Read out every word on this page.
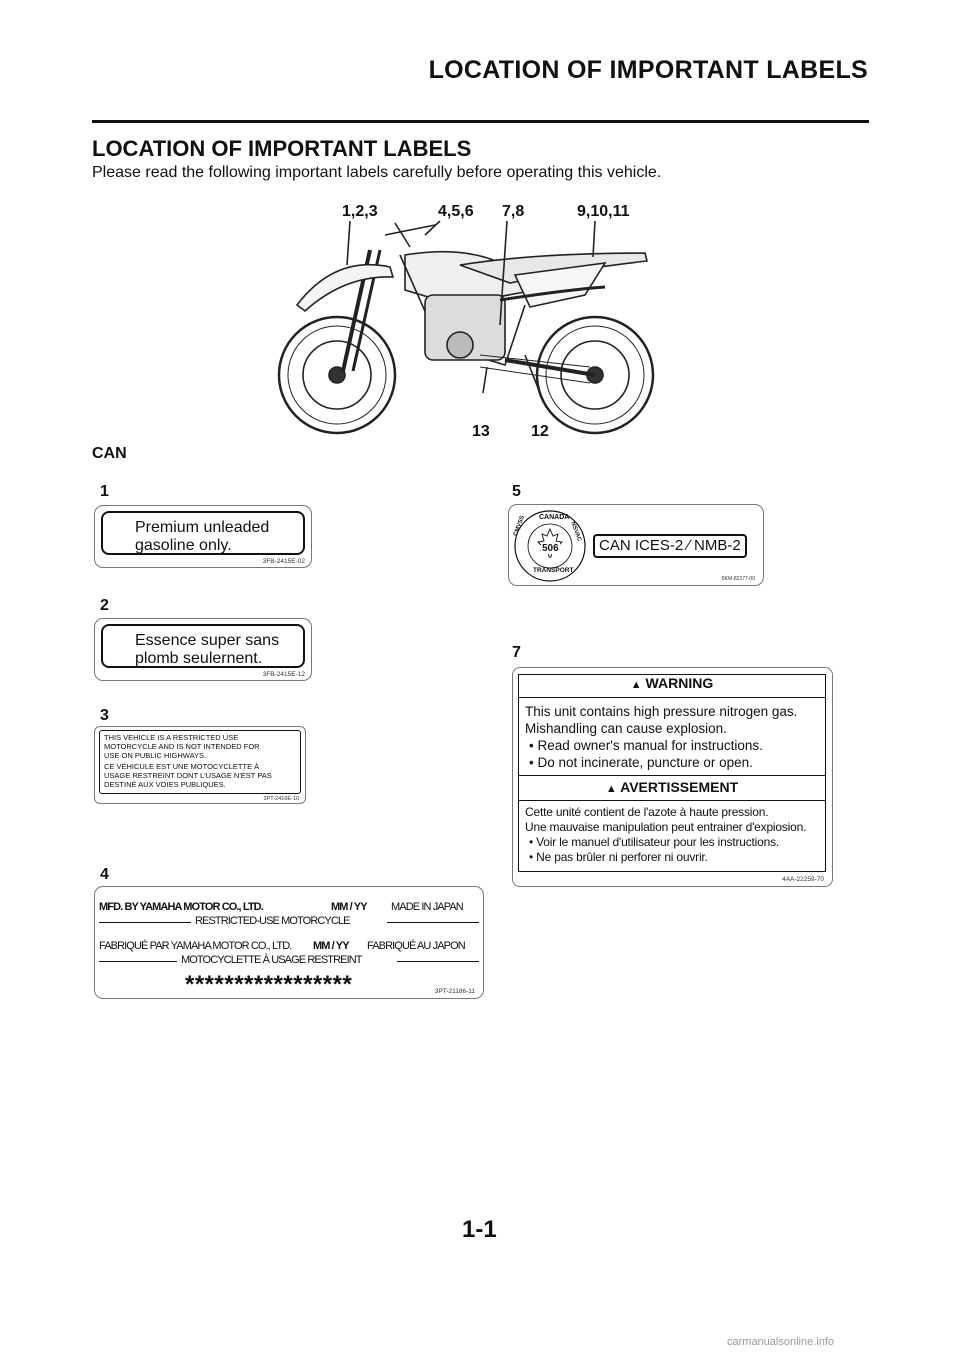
LOCATION OF IMPORTANT LABELS
LOCATION OF IMPORTANT LABELS
Please read the following important labels carefully before operating this vehicle.
1,2,3	4,5,6 7,8	9,10,11
13	12
CAN
1
Premium unleaded
gasoline only.
3FB-2415E-02
2
Essence super sans
plomb seulernent.
3FB-2415E-12
3
THIS VEHICLE IS A RESTRICTED USE
MOTORCYCLE AND IS NOT INTENDED FOR
USE ON PUBLIC HIGHWAYS.
CE VÉHICULE EST UNE MOTOCYCLETTE À
USAGE RESTREINT DONT L'USAGE N'EST PAS
DESTINÉ AUX VOIES PUBLIQUES.
3PT-2416E-10
4
MFD. BY YAMAHA MOTOR CO., LTD.	MM / YY MADE IN JAPAN
RESTRICTED-USE MOTORCYCLE
FABRIQUÉ PAR YAMAHA MOTOR CO., LTD. MM / YY FABRIQUÉ AU JAPON
MOTOCYCLETTE À USAGE RESTREINT
*****************	3PT-21186-11
5
CANADA
CMVSS	NSVAC
TRANSPORT
506	CAN ICES-2 ∕ NMB-2
8KM-82377-00
7
▲ WARNING
This unit contains high pressure nitrogen gas.
Mishandling can cause explosion.
• Read owner's manual for instructions.
• Do not incinerate, puncture or open.
▲ AVERTISSEMENT
Cette unité contient de l'azote à haute pression.
Une mauvaise manipulation peut entrainer d'expiosion.
• Voir le manuel d'utilisateur pour les instructions.
• Ne pas brûler ni perforer ni ouvrir.
4AA-22259-70
1-1
carmanualsonline.info
